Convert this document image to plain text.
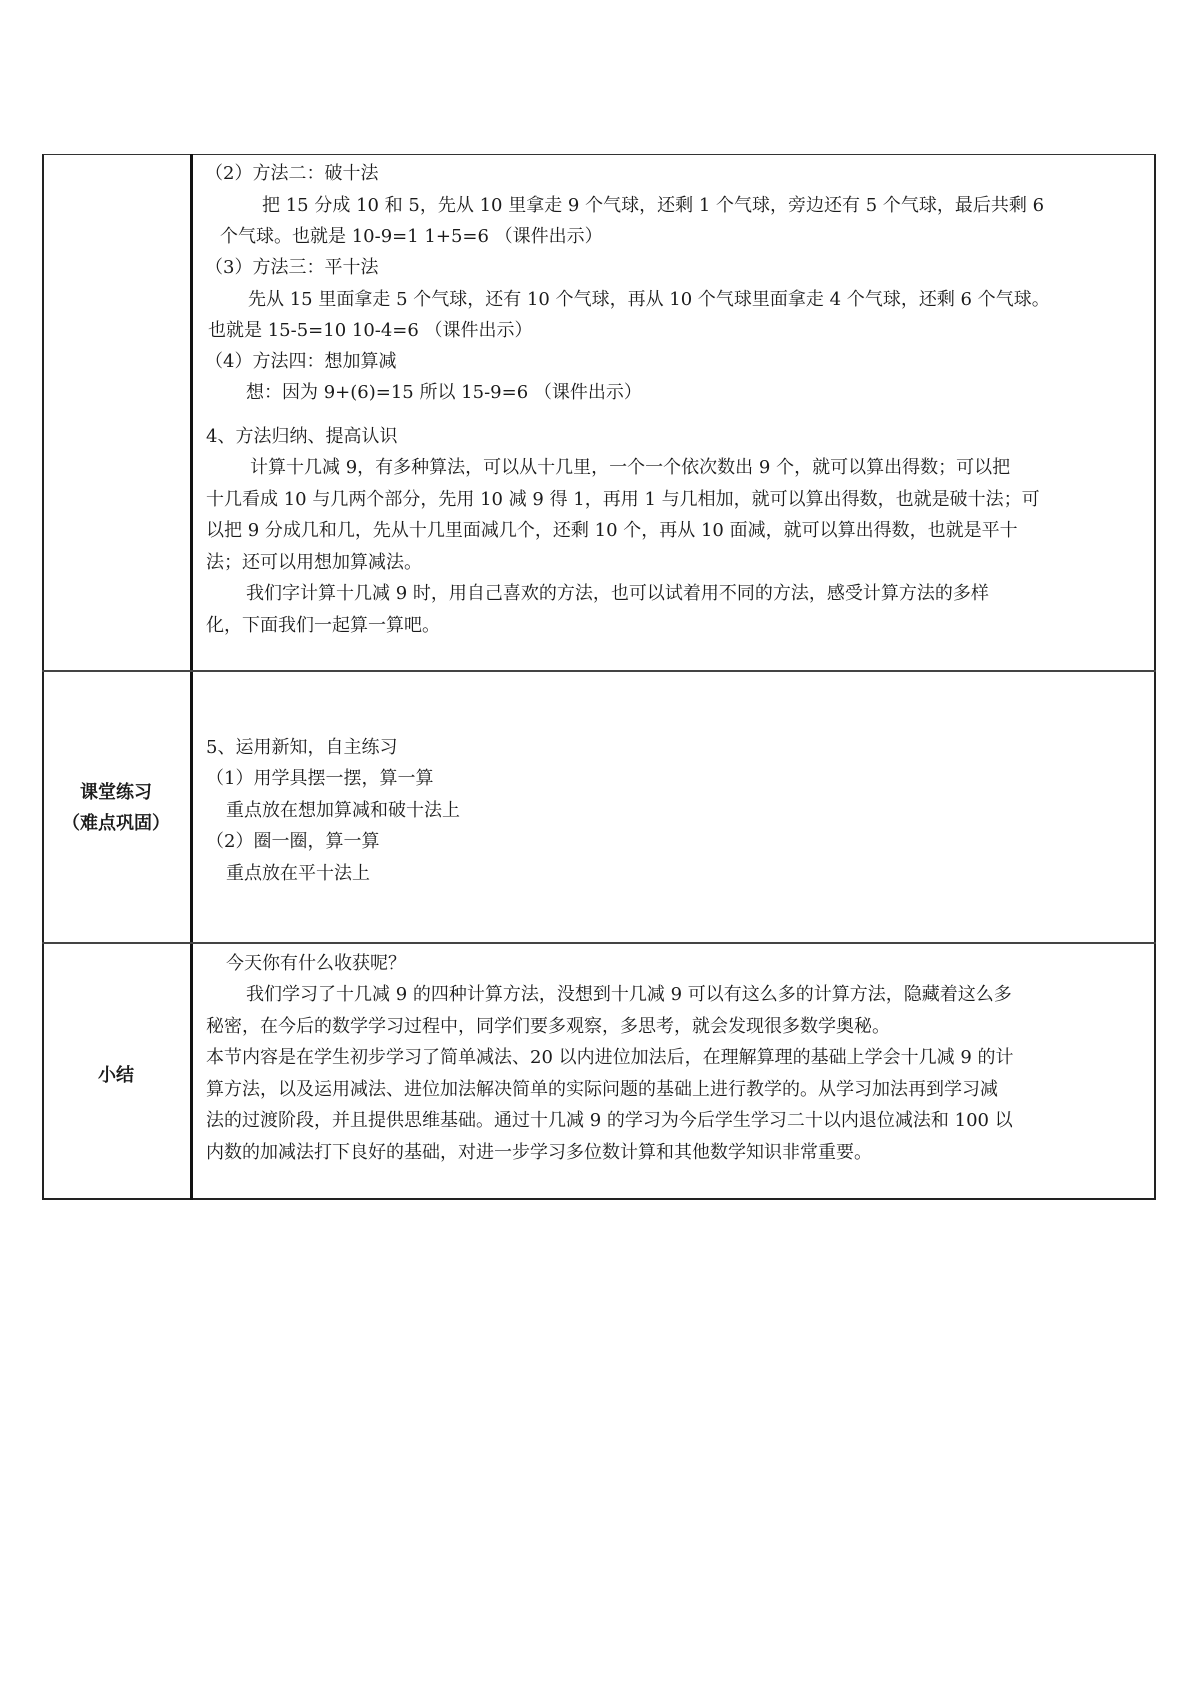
（2）方法二：破十法

把 15 分成 10 和 5，先从 10 里拿走 9 个气球，还剩 1 个气球，旁边还有 5 个气球，最后共剩 6

个气球。也就是 10-9=1 1+5=6 （课件出示）

（3）方法三：平十法

先从 15 里面拿走 5 个气球，还有 10 个气球，再从 10 个气球里面拿走 4 个气球，还剩 6 个气球。

也就是 15-5=10 10-4=6 （课件出示）

（4）方法四：想加算减

想：因为 9+(6)=15 所以 15-9=6 （课件出示）

4、方法归纳、提高认识

计算十几减 9，有多种算法，可以从十几里，一个一个依次数出 9 个，就可以算出得数；可以把

十几看成 10 与几两个部分，先用 10 减 9 得 1，再用 1 与几相加，就可以算出得数，也就是破十法；可

以把 9 分成几和几，先从十几里面减几个，还剩 10 个，再从 10 面减，就可以算出得数，也就是平十

法；还可以用想加算减法。

我们字计算十几减 9 时，用自己喜欢的方法，也可以试着用不同的方法，感受计算方法的多样

化，下面我们一起算一算吧。

课堂练习
（难点巩固）

5、运用新知，自主练习

（1）用学具摆一摆，算一算

重点放在想加算减和破十法上

（2）圈一圈，算一算

重点放在平十法上

小结

今天你有什么收获呢？

我们学习了十几减 9 的四种计算方法，没想到十几减 9 可以有这么多的计算方法，隐藏着这么多

秘密，在今后的数学学习过程中，同学们要多观察，多思考，就会发现很多数学奥秘。

本节内容是在学生初步学习了简单减法、20 以内进位加法后，在理解算理的基础上学会十几减 9 的计

算方法，以及运用减法、进位加法解决简单的实际问题的基础上进行教学的。从学习加法再到学习减

法的过渡阶段，并且提供思维基础。通过十几减 9 的学习为今后学生学习二十以内退位减法和 100 以

内数的加减法打下良好的基础，对进一步学习多位数计算和其他数学知识非常重要。
